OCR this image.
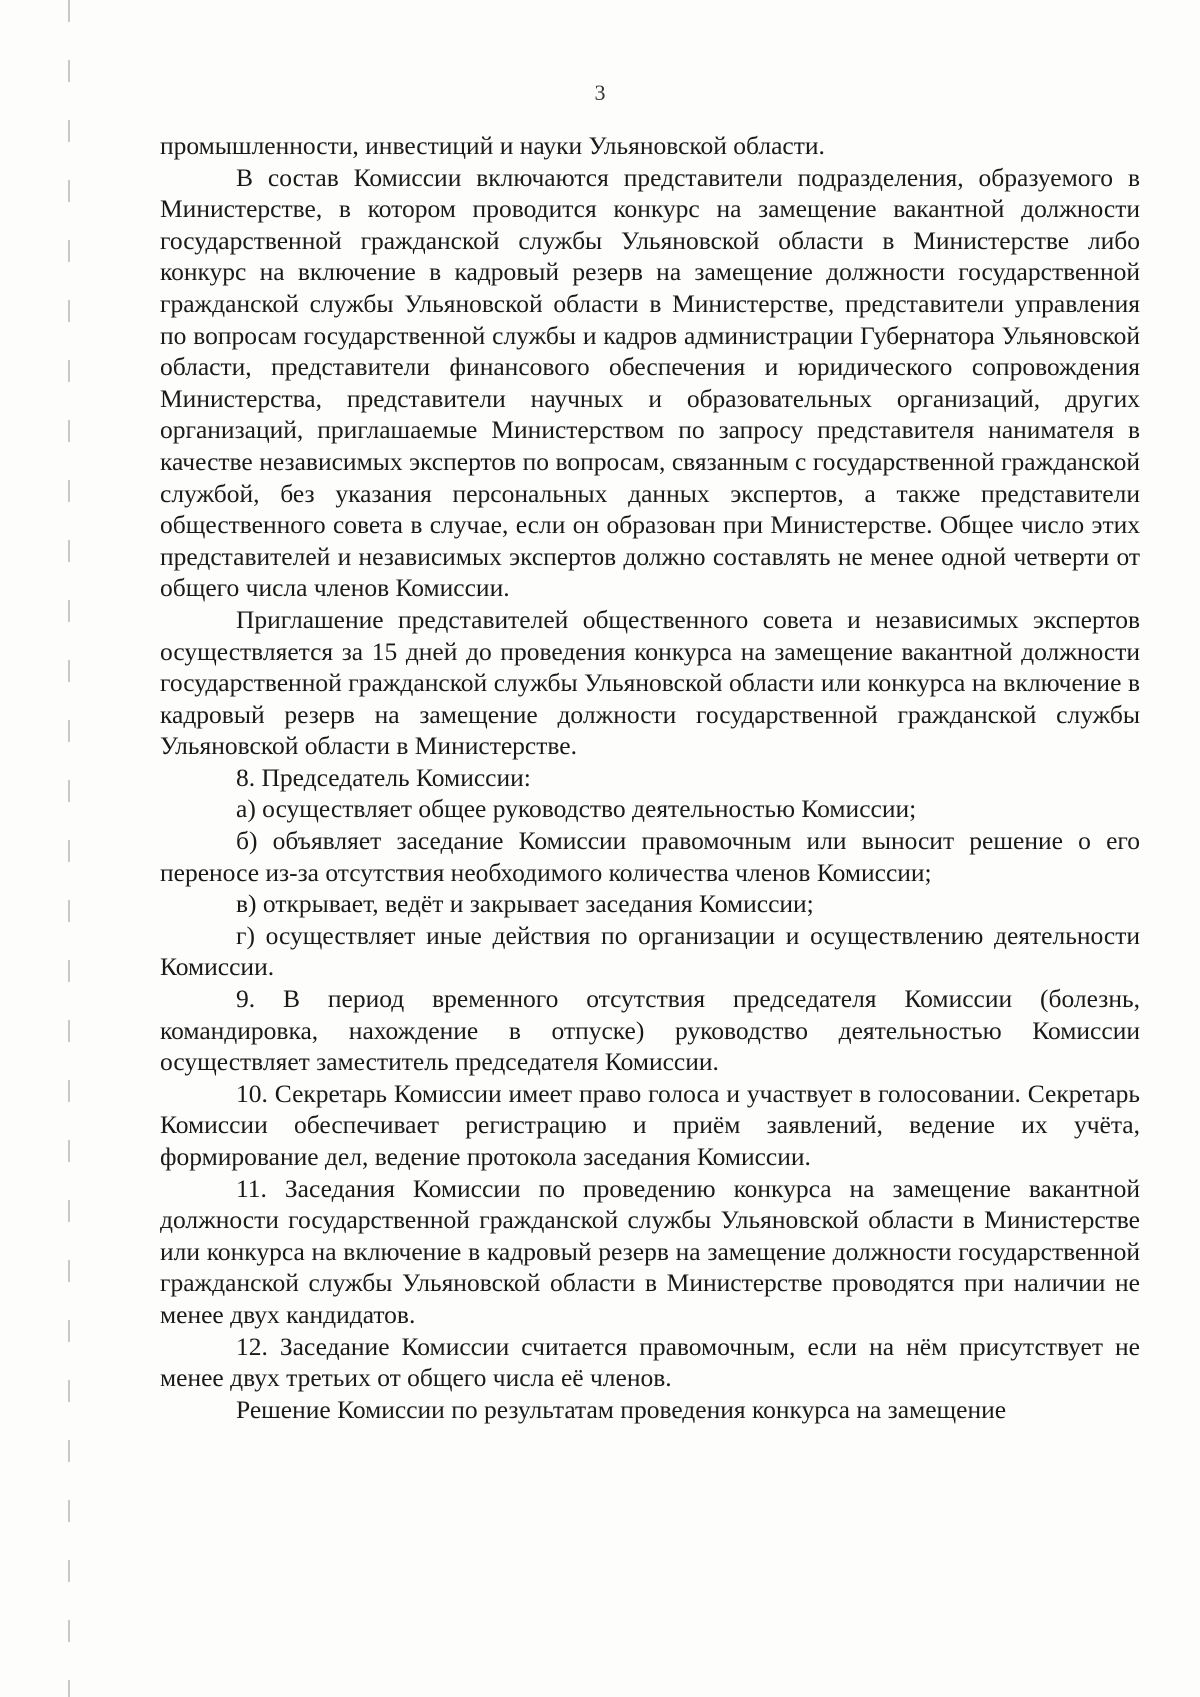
3

промышленности, инвестиций и науки Ульяновской области.

В состав Комиссии включаются представители подразделения, образуемого в Министерстве, в котором проводится конкурс на замещение вакантной должности государственной гражданской службы Ульяновской области в Министерстве либо конкурс на включение в кадровый резерв на замещение должности государственной гражданской службы Ульяновской области в Министерстве, представители управления по вопросам государственной службы и кадров администрации Губернатора Ульяновской области, представители финансового обеспечения и юридического сопровождения Министерства, представители научных и образовательных организаций, других организаций, приглашаемые Министерством по запросу представителя нанимателя в качестве независимых экспертов по вопросам, связанным с государственной гражданской службой, без указания персональных данных экспертов, а также представители общественного совета в случае, если он образован при Министерстве. Общее число этих представителей и независимых экспертов должно составлять не менее одной четверти от общего числа членов Комиссии.

Приглашение представителей общественного совета и независимых экспертов осуществляется за 15 дней до проведения конкурса на замещение вакантной должности государственной гражданской службы Ульяновской области или конкурса на включение в кадровый резерв на замещение должности государственной гражданской службы Ульяновской области в Министерстве.

8. Председатель Комиссии:

а) осуществляет общее руководство деятельностью Комиссии;

б) объявляет заседание Комиссии правомочным или выносит решение о его переносе из-за отсутствия необходимого количества членов Комиссии;

в) открывает, ведёт и закрывает заседания Комиссии;

г) осуществляет иные действия по организации и осуществлению деятельности Комиссии.

9. В период временного отсутствия председателя Комиссии (болезнь, командировка, нахождение в отпуске) руководство деятельностью Комиссии осуществляет заместитель председателя Комиссии.

10. Секретарь Комиссии имеет право голоса и участвует в голосовании. Секретарь Комиссии обеспечивает регистрацию и приём заявлений, ведение их учёта, формирование дел, ведение протокола заседания Комиссии.

11. Заседания Комиссии по проведению конкурса на замещение вакантной должности государственной гражданской службы Ульяновской области в Министерстве или конкурса на включение в кадровый резерв на замещение должности государственной гражданской службы Ульяновской области в Министерстве проводятся при наличии не менее двух кандидатов.

12. Заседание Комиссии считается правомочным, если на нём присутствует не менее двух третьих от общего числа её членов.

Решение Комиссии по результатам проведения конкурса на замещение
